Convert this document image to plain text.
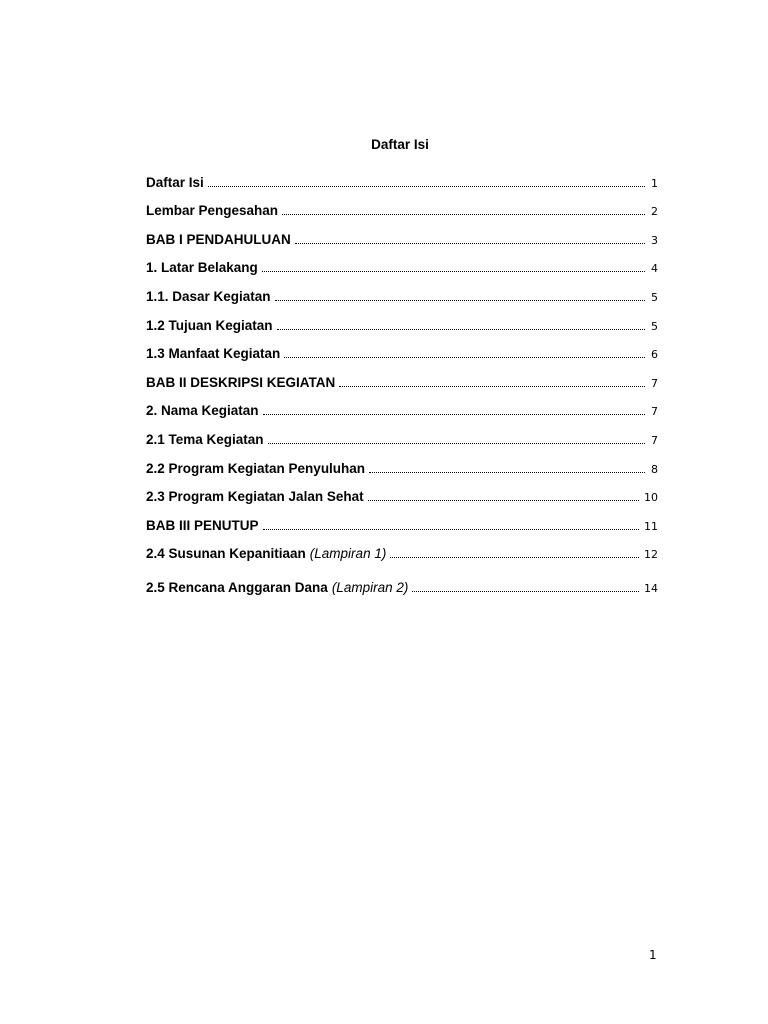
Daftar Isi
Daftar Isi	1
Lembar Pengesahan	2
BAB I PENDAHULUAN	3
1. Latar Belakang	4
1.1. Dasar Kegiatan	5
1.2 Tujuan Kegiatan	5
1.3 Manfaat Kegiatan	6
BAB II DESKRIPSI KEGIATAN	7
2. Nama Kegiatan	7
2.1 Tema Kegiatan	7
2.2 Program Kegiatan Penyuluhan	8
2.3 Program Kegiatan Jalan Sehat	10
BAB III PENUTUP	11
2.4 Susunan Kepanitiaan (Lampiran 1)	12
2.5 Rencana Anggaran Dana (Lampiran 2)	14
1
